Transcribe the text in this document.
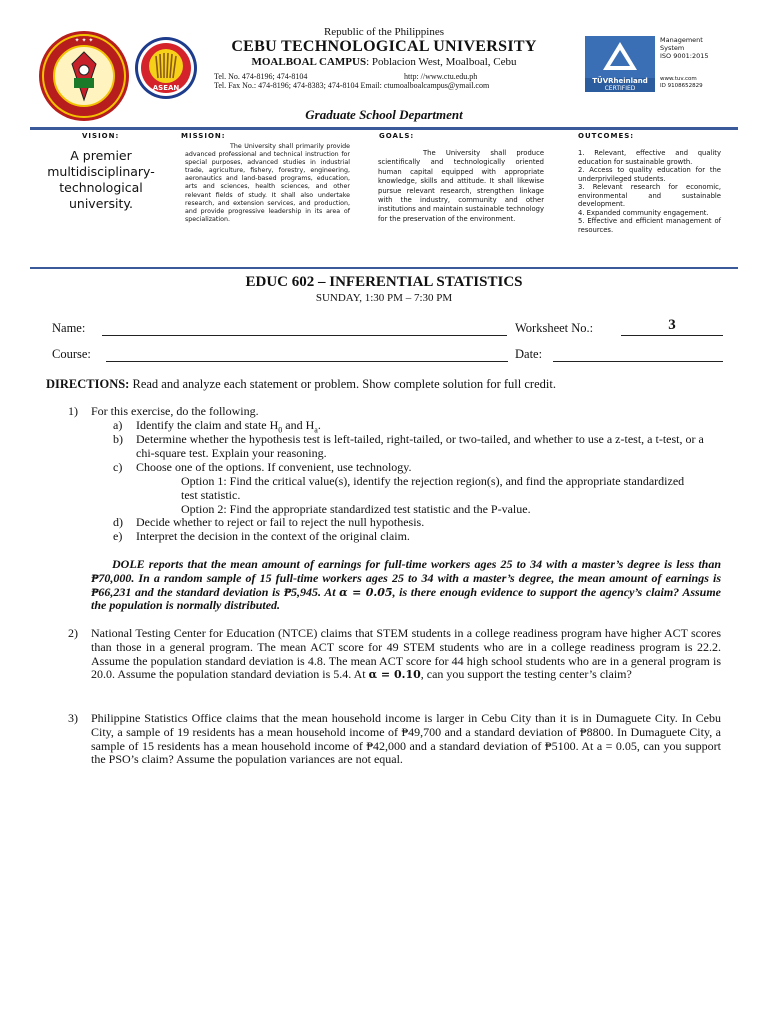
Republic of the Philippines
CEBU TECHNOLOGICAL UNIVERSITY
MOALBOAL CAMPUS: Poblacion West, Moalboal, Cebu
Tel. No. 474-8196; 474-8104	http: //www.ctu.edu.ph
Tel. Fax No.: 474-8196; 474-8383; 474-8104 Email: ctumoalboalcampus@ymail.com
✦ ✦ ✦
ASEAN
TÜVRheinland
CERTIFIED
Management
System
ISO 9001:2015
www.tuv.com
ID 9108652829
Graduate School Department
VISION:
A premier multidisciplinary-technological university.
MISSION:
The University shall primarily provide advanced professional and technical instruction for special purposes, advanced studies in industrial trade, agriculture, fishery, forestry, engineering, aeronautics and land-based programs, education, arts and sciences, health sciences, and other relevant fields of study. It shall also undertake research, and extension services, and production, and provide progressive leadership in its area of specialization.
GOALS:
The University shall produce scientifically and technologically oriented human capital equipped with appropriate knowledge, skills and attitude. It shall likewise pursue relevant research, strengthen linkage with the industry, community and other institutions and maintain sustainable technology for the preservation of the environment.
OUTCOMES:
1. Relevant, effective and quality education for sustainable growth.
2. Access to quality education for the underprivileged students.
3. Relevant research for economic, environmental and sustainable development.
4. Expanded community engagement.
5. Effective and efficient management of resources.
EDUC 602 – INFERENTIAL STATISTICS
SUNDAY, 1:30 PM – 7:30 PM
Name:	Worksheet No.:	3
Course:	Date:
DIRECTIONS: Read and analyze each statement or problem. Show complete solution for full credit.
1) For this exercise, do the following.
a) Identify the claim and state $H_0$ and $H_a$.
b) Determine whether the hypothesis test is left-tailed, right-tailed, or two-tailed, and whether to use a z-test, a t-test, or a chi-square test. Explain your reasoning.
c) Choose one of the options. If convenient, use technology.
Option 1: Find the critical value(s), identify the rejection region(s), and find the appropriate standardized test statistic.
Option 2: Find the appropriate standardized test statistic and the P-value.
d) Decide whether to reject or fail to reject the null hypothesis.
e) Interpret the decision in the context of the original claim.
DOLE reports that the mean amount of earnings for full-time workers ages 25 to 34 with a master’s degree is less than ₱70,000. In a random sample of 15 full-time workers ages 25 to 34 with a master’s degree, the mean amount of earnings is ₱66,231 and the standard deviation is ₱5,945. At α = 0.05, is there enough evidence to support the agency’s claim? Assume the population is normally distributed.
2) National Testing Center for Education (NTCE) claims that STEM students in a college readiness program have higher ACT scores than those in a general program. The mean ACT score for 49 STEM students who are in a college readiness program is 22.2. Assume the population standard deviation is 4.8. The mean ACT score for 44 high school students who are in a general program is 20.0. Assume the population standard deviation is 5.4. At α = 0.10, can you support the testing center’s claim?
3) Philippine Statistics Office claims that the mean household income is larger in Cebu City than it is in Dumaguete City. In Cebu City, a sample of 19 residents has a mean household income of ₱49,700 and a standard deviation of ₱8800. In Dumaguete City, a sample of 15 residents has a mean household income of ₱42,000 and a standard deviation of ₱5100. At a = 0.05, can you support the PSO’s claim? Assume the population variances are not equal.
